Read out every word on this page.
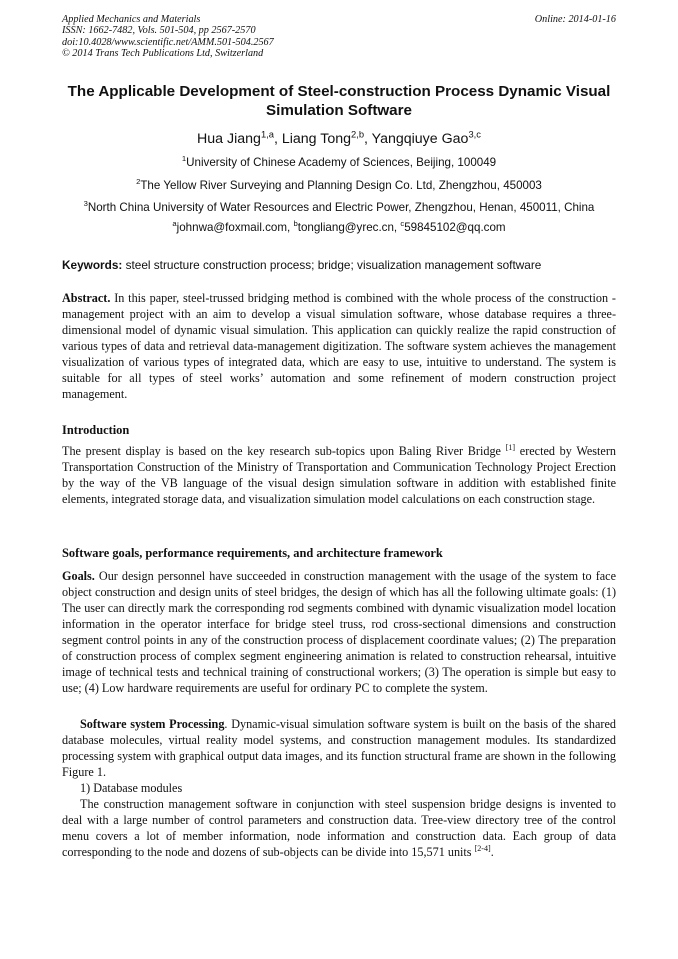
Applied Mechanics and Materials
ISSN: 1662-7482, Vols. 501-504, pp 2567-2570
doi:10.4028/www.scientific.net/AMM.501-504.2567
© 2014 Trans Tech Publications Ltd, Switzerland
Online: 2014-01-16
The Applicable Development of Steel-construction Process Dynamic Visual Simulation Software
Hua Jiang$^{1,a}$, Liang Tong$^{2,b}$, Yangqiuye Gao$^{3,c}$
$^1$University of Chinese Academy of Sciences, Beijing, 100049
$^2$The Yellow River Surveying and Planning Design Co. Ltd, Zhengzhou, 450003
$^3$North China University of Water Resources and Electric Power, Zhengzhou, Henan, 450011, China
$^a$johnwa@foxmail.com, $^b$tongliang@yrec.cn, $^c$59845102@qq.com
Keywords: steel structure construction process; bridge; visualization management software
Abstract. In this paper, steel-trussed bridging method is combined with the whole process of the construction -management project with an aim to develop a visual simulation software, whose database requires a three-dimensional model of dynamic visual simulation. This application can quickly realize the rapid construction of various types of data and retrieval data-management digitization. The software system achieves the management visualization of various types of integrated data, which are easy to use, intuitive to understand. The system is suitable for all types of steel works’ automation and some refinement of modern construction project management.
Introduction
The present display is based on the key research sub-topics upon Baling River Bridge [1] erected by Western Transportation Construction of the Ministry of Transportation and Communication Technology Project Erection by the way of the VB language of the visual design simulation software in addition with established finite elements, integrated storage data, and visualization simulation model calculations on each construction stage.
Software goals, performance requirements, and architecture framework
Goals. Our design personnel have succeeded in construction management with the usage of the system to face object construction and design units of steel bridges, the design of which has all the following ultimate goals: (1) The user can directly mark the corresponding rod segments combined with dynamic visualization model location information in the operator interface for bridge steel truss, rod cross-sectional dimensions and construction segment control points in any of the construction process of displacement coordinate values; (2) The preparation of construction process of complex segment engineering animation is related to construction rehearsal, intuitive image of technical tests and technical training of constructional workers; (3) The operation is simple but easy to use; (4) Low hardware requirements are useful for ordinary PC to complete the system.
Software system Processing. Dynamic-visual simulation software system is built on the basis of the shared database molecules, virtual reality model systems, and construction management modules. Its standardized processing system with graphical output data images, and its function structural frame are shown in the following Figure 1.
1) Database modules
The construction management software in conjunction with steel suspension bridge designs is invented to deal with a large number of control parameters and construction data. Tree-view directory tree of the control menu covers a lot of member information, node information and construction data. Each group of data corresponding to the node and dozens of sub-objects can be divide into 15,571 units [2-4].
